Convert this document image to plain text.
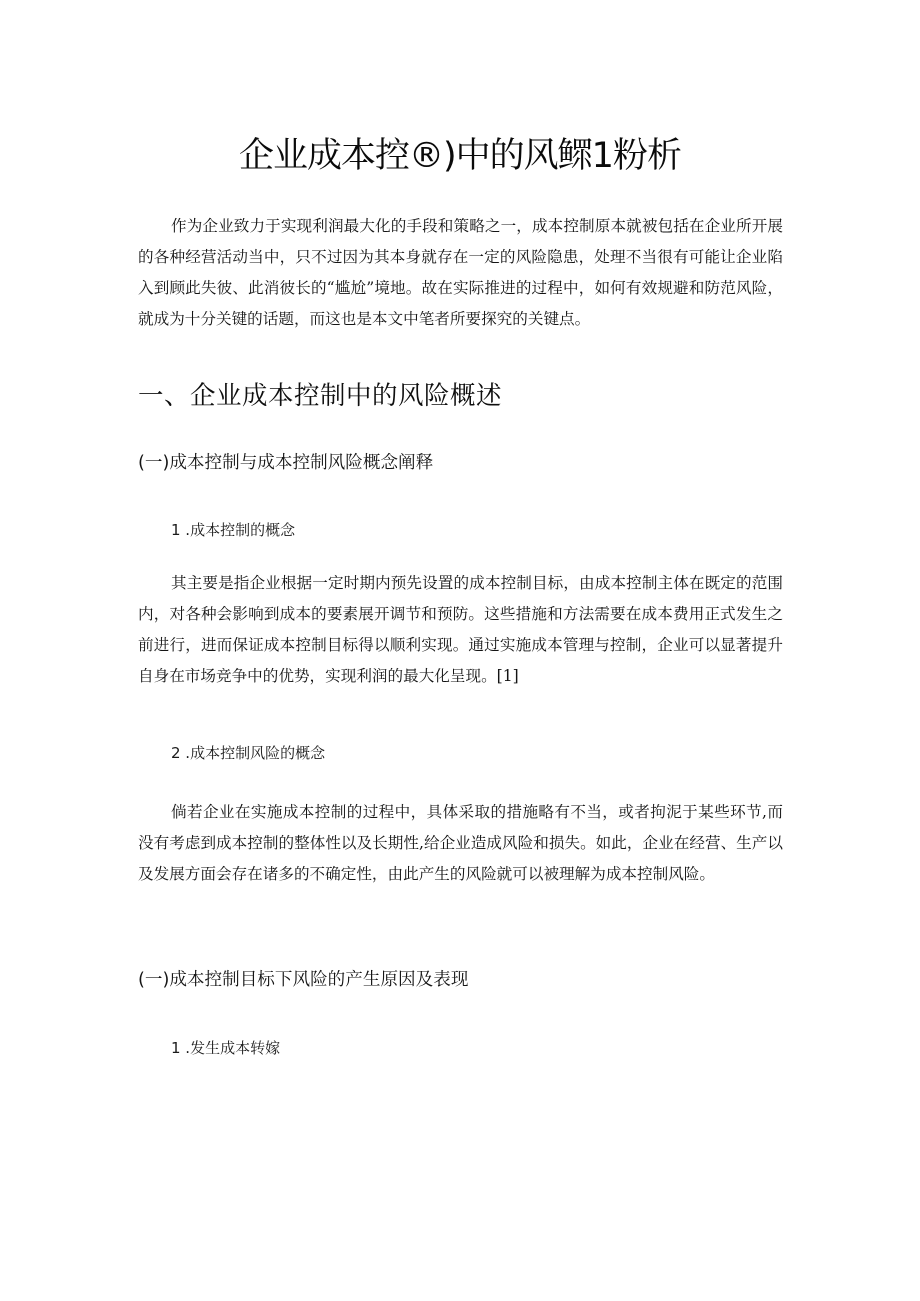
企业成本控®)中的风鳏1粉析

作为企业致力于实现利润最大化的手段和策略之一，成本控制原本就被包括在企业所开展的各种经营活动当中，只不过因为其本身就存在一定的风险隐患，处理不当很有可能让企业陷入到顾此失彼、此消彼长的“尴尬”境地。故在实际推进的过程中，如何有效规避和防范风险，就成为十分关键的话题，而这也是本文中笔者所要探究的关键点。

一、企业成本控制中的风险概述
(一)成本控制与成本控制风险概念阐释
1 .成本控制的概念

其主要是指企业根据一定时期内预先设置的成本控制目标，由成本控制主体在既定的范围内，对各种会影响到成本的要素展开调节和预防。这些措施和方法需要在成本费用正式发生之前进行，进而保证成本控制目标得以顺利实现。通过实施成本管理与控制，企业可以显著提升自身在市场竞争中的优势，实现利润的最大化呈现。[1]

2 .成本控制风险的概念

倘若企业在实施成本控制的过程中，具体采取的措施略有不当，或者拘泥于某些环节,而没有考虑到成本控制的整体性以及长期性,给企业造成风险和损失。如此，企业在经营、生产以及发展方面会存在诸多的不确定性，由此产生的风险就可以被理解为成本控制风险。

(一)成本控制目标下风险的产生原因及表现
1 .发生成本转嫁
